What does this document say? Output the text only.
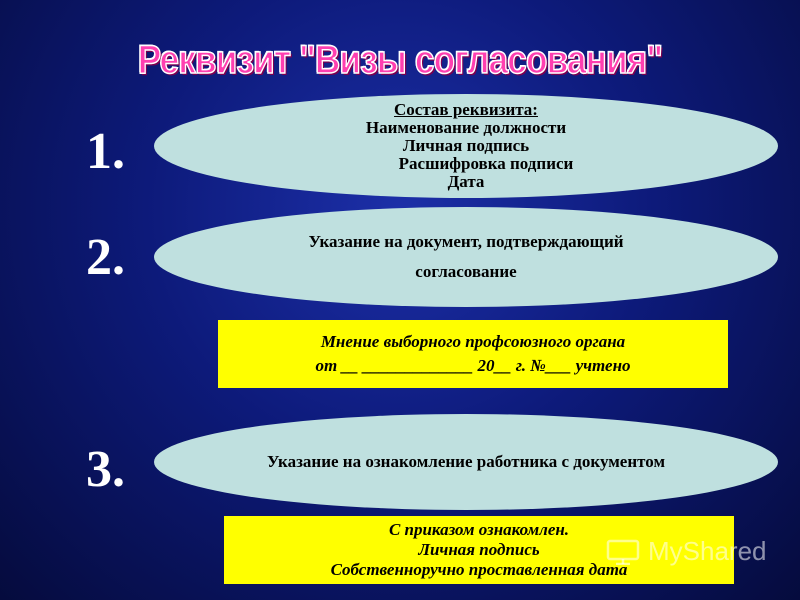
Реквизит "Визы согласования"
1.
2.
3.
Состав реквизита:
Наименование должности
Личная подпись
Расшифровка подписи
Дата
Указание на документ, подтверждающий
согласование
Мнение выборного профсоюзного органа
от __ _____________ 20__ г. №___ учтено
Указание на ознакомление работника с документом
С приказом ознакомлен.
Личная подпись
Собственноручно проставленная дата
MyShared
